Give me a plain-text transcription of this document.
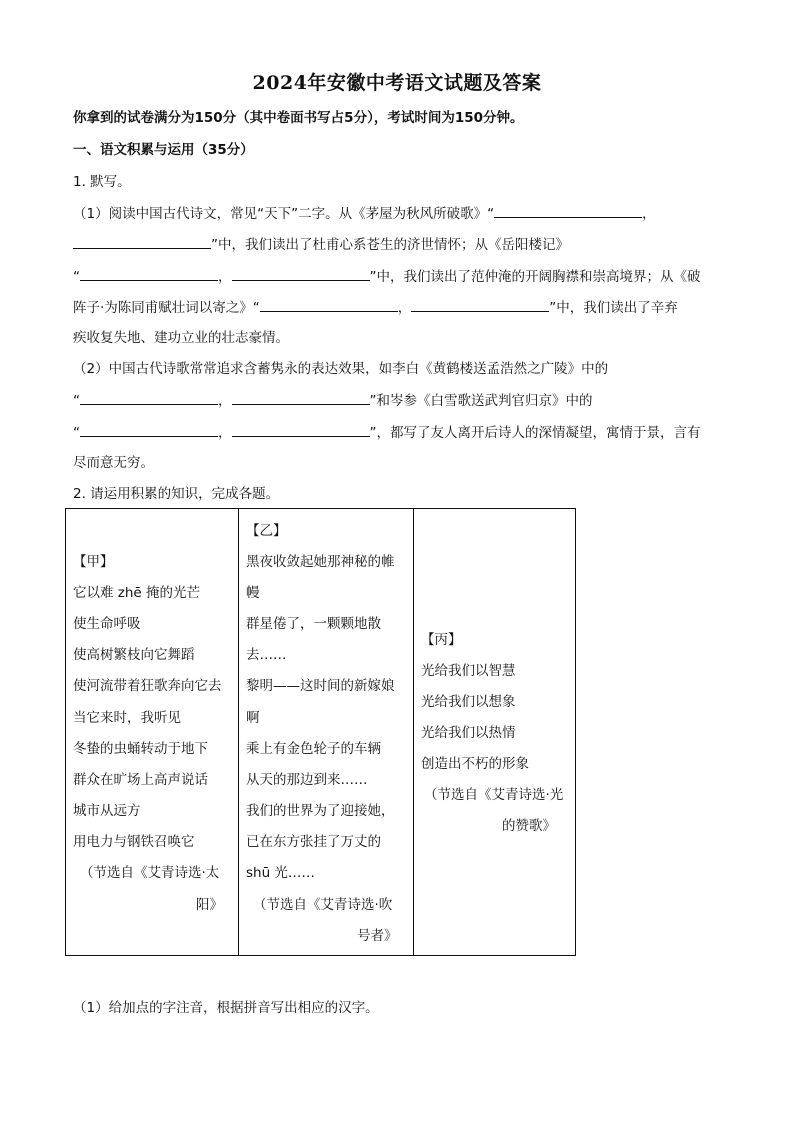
2024年安徽中考语文试题及答案
你拿到的试卷满分为150分（其中卷面书写占5分），考试时间为150分钟。
一、语文积累与运用（35分）
1. 默写。
（1）阅读中国古代诗文，常见“天下”二字。从《茅屋为秋风所破歌》“	，
”中，我们读出了杜甫心系苍生的济世情怀；从《岳阳楼记》
“	，	”中，我们读出了范仲淹的开阔胸襟和崇高境界；从《破
阵子·为陈同甫赋壮词以寄之》“	，	”中，我们读出了辛弃
疾收复失地、建功立业的壮志豪情。
（2）中国古代诗歌常常追求含蓄隽永的表达效果，如李白《黄鹤楼送孟浩然之广陵》中的
“	，	”和岑参《白雪歌送武判官归京》中的
“	，	”，都写了友人离开后诗人的深情凝望，寓情于景，言有
尽而意无穷。
2. 请运用积累的知识，完成各题。
【甲】
它以难 zhē 掩的光芒
使生命呼吸
使高树繁枝向它舞蹈
使河流带着狂歌奔向它去
当它来时，我听见
冬蛰的虫蛹转动于地下
群众在旷场上高声说话
城市从远方
用电力与钢铁召唤它
（节选自《艾青诗选·太
阳》

【乙】
黑夜收敛起她那神秘的帷
幔
群星倦了，一颗颗地散
去……
黎明——这时间的新嫁娘
啊
乘上有金色轮子的车辆
从天的那边到来……
我们的世界为了迎接她，
已在东方张挂了万丈的
shū 光……
（节选自《艾青诗选·吹
号者》

【丙】
光给我们以智慧
光给我们以想象
光给我们以热情
创造出不朽的形象
（节选自《艾青诗选·光
的赞歌》
（1）给加点的字注音，根据拼音写出相应的汉字。
